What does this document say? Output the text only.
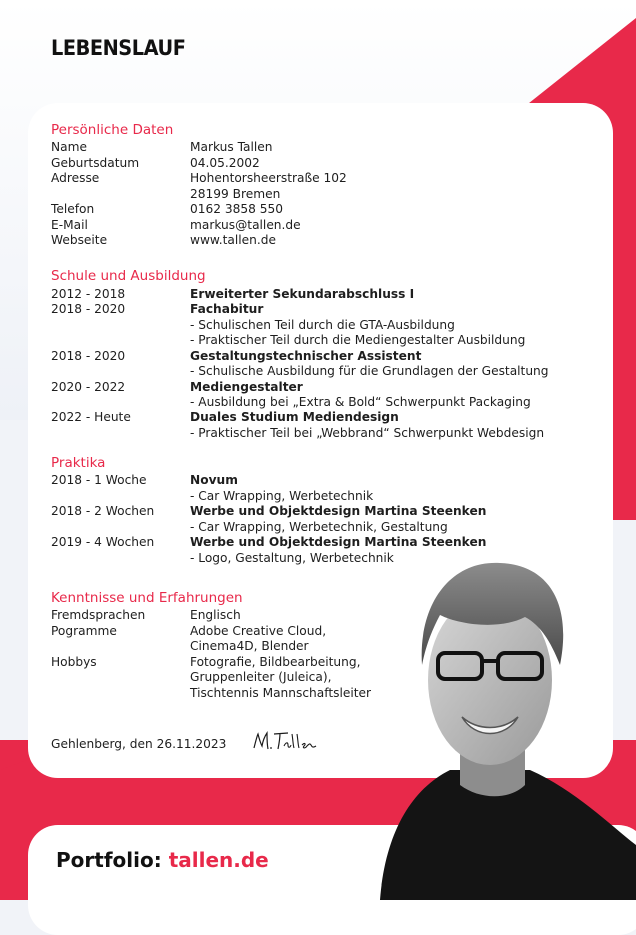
LEBENSLAUF
Persönliche Daten
Name	Markus Tallen
Geburtsdatum	04.05.2002
Adresse	Hohentorsheerstraße 102
28199 Bremen
Telefon	0162 3858 550
E-Mail	markus@tallen.de
Webseite	www.tallen.de
Schule und Ausbildung
2012 - 2018	Erweiterter Sekundarabschluss I
2018 - 2020	Fachabitur
- Schulischen Teil durch die GTA-Ausbildung
- Praktischer Teil durch die Mediengestalter Ausbildung
2018 - 2020	Gestaltungstechnischer Assistent
- Schulische Ausbildung für die Grundlagen der Gestaltung
2020 - 2022	Mediengestalter
- Ausbildung bei „Extra & Bold“ Schwerpunkt Packaging
2022 - Heute	Duales Studium Mediendesign
- Praktischer Teil bei „Webbrand“ Schwerpunkt Webdesign
Praktika
2018 - 1 Woche	Novum
- Car Wrapping, Werbetechnik
2018 - 2 Wochen	Werbe und Objektdesign Martina Steenken
- Car Wrapping, Werbetechnik, Gestaltung
2019 - 4 Wochen	Werbe und Objektdesign Martina Steenken
- Logo, Gestaltung, Werbetechnik
Kenntnisse und Erfahrungen
Fremdsprachen	Englisch
Pogramme	Adobe Creative Cloud,
Cinema4D, Blender
Hobbys	Fotografie, Bildbearbeitung,
Gruppenleiter (Juleica),
Tischtennis Mannschaftsleiter
Gehlenberg, den 26.11.2023
Portfolio: tallen.de
